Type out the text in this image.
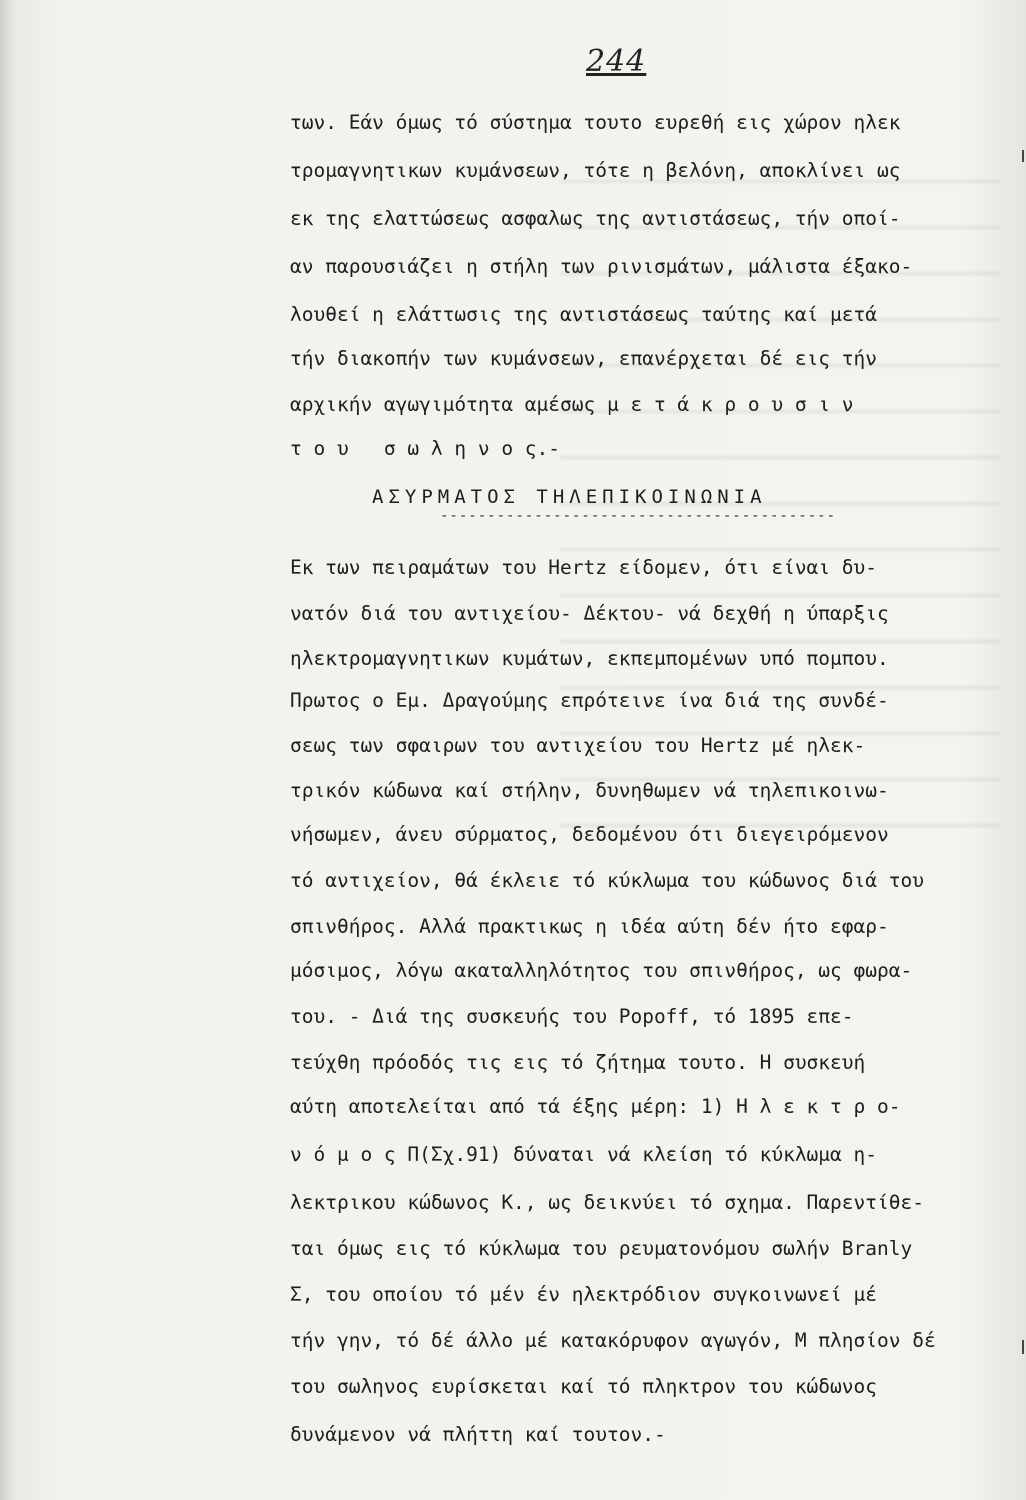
244
των. Εάν όμως τό σύστημα τουτο ευρεθή εις χώρον ηλεκ
τρομαγνητικων κυμάνσεων, τότε η βελόνη, αποκλίνει ως
εκ της ελαττώσεως ασφαλως της αντιστάσεως, τήν οποί-
αν παρουσιάζει η στήλη των ρινισμάτων, μάλιστα έξακο-
λουθεί η ελάττωσις της αντιστάσεως ταύτης καί μετά
τήν διακοπήν των κυμάνσεων, επανέρχεται δέ εις τήν
αρχικήν αγωγιμότητα αμέσως μ ε τ ά κ ρ ο υ σ ι ν
τ ο υ   σ ω λ η ν ο ς.-
ΑΣΥΡΜΑΤΟΣ ΤΗΛΕΠΙΚΟΙΝΩΝΙΑ
------------------------------------------
Εκ των πειραμάτων του Hertz είδομεν, ότι είναι δυ-
νατόν διά του αντιχείου- Δέκτου- νά δεχθή η ύπαρξις
ηλεκτρομαγνητικων κυμάτων, εκπεμπομένων υπό πομπου.
Πρωτος ο Εμ. Δραγούμης επρότεινε ίνα διά της συνδέ-
σεως των σφαιρων του αντιχείου του Hertz μέ ηλεκ-
τρικόν κώδωνα καί στήλην, δυνηθωμεν νά τηλεπικοινω-
νήσωμεν, άνευ σύρματος, δεδομένου ότι διεγειρόμενον
τό αντιχείον, θά έκλειε τό κύκλωμα του κώδωνος διά του
σπινθήρος. Αλλά πρακτικως η ιδέα αύτη δέν ήτο εφαρ-
μόσιμος, λόγω ακαταλληλότητος του σπινθήρος, ως φωρα-
του. - Διά της συσκευής του Popoff, τό 1895 επε-
τεύχθη πρόοδός τις εις τό ζήτημα τουτο. Η συσκευή
αύτη αποτελείται από τά έξης μέρη: 1) Η λ ε κ τ ρ ο-
ν ό μ ο ς Π(Σχ.91) δύναται νά κλείση τό κύκλωμα η-
λεκτρικου κώδωνος Κ., ως δεικνύει τό σχημα. Παρεντίθε-
ται όμως εις τό κύκλωμα του ρευματονόμου σωλήν Branly
Σ, του οποίου τό μέν έν ηλεκτρόδιον συγκοινωνεί μέ
τήν γην, τό δέ άλλο μέ κατακόρυφον αγωγόν, Μ πλησίον δέ
του σωληνος ευρίσκεται καί τό πληκτρον του κώδωνος
δυνάμενον νά πλήττη καί τουτον.-
